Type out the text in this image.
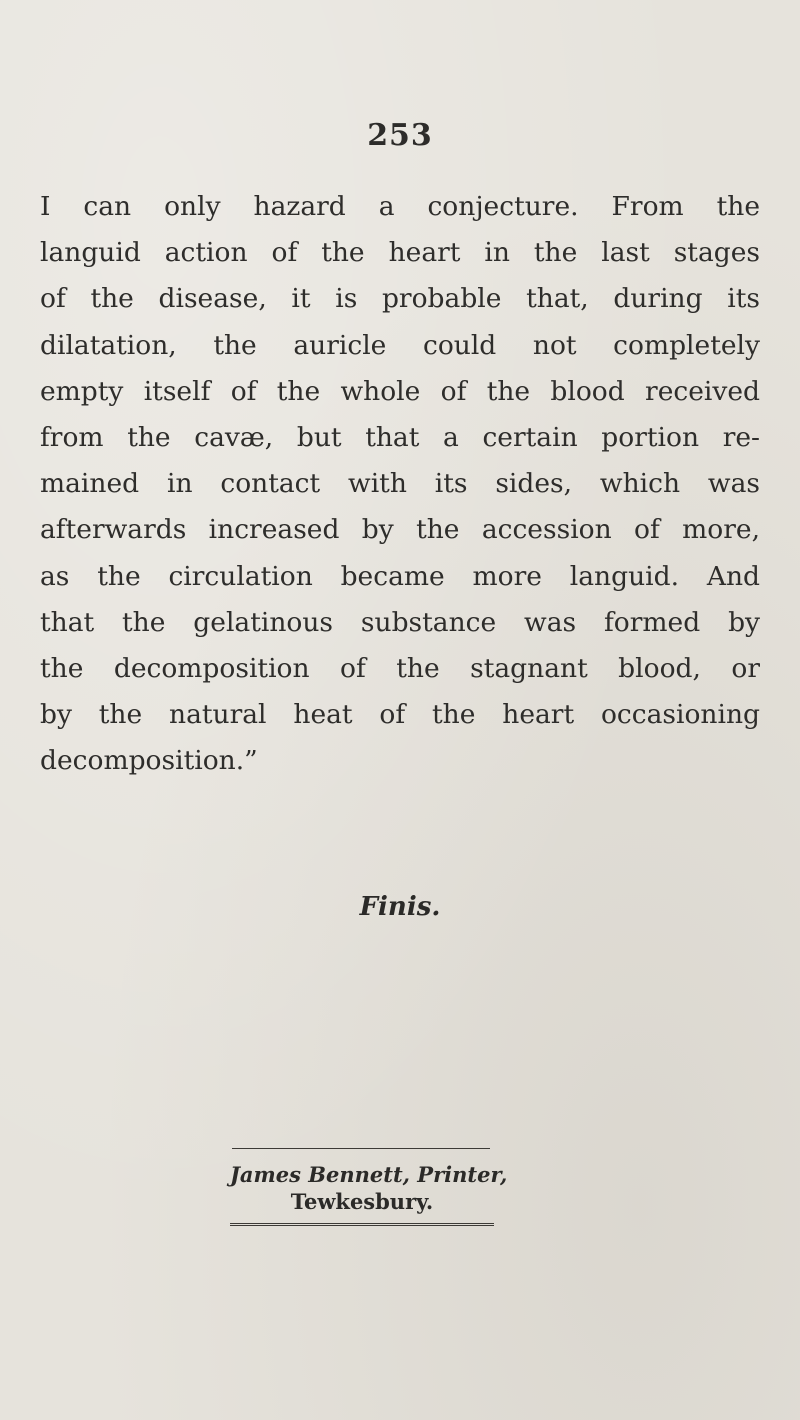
253
I can only hazard a conjecture. From the
languid action of the heart in the last stages
of the disease, it is probable that, during its
dilatation, the auricle could not completely
empty itself of the whole of the blood received
from the cavæ, but that a certain portion re-
mained in contact with its sides, which was
afterwards increased by the accession of more,
as the circulation became more languid. And
that the gelatinous substance was formed by
the decomposition of the stagnant blood, or
by the natural heat of the heart occasioning
decomposition.”
Finis.
James Bennett, Printer,
Tewkesbury.
